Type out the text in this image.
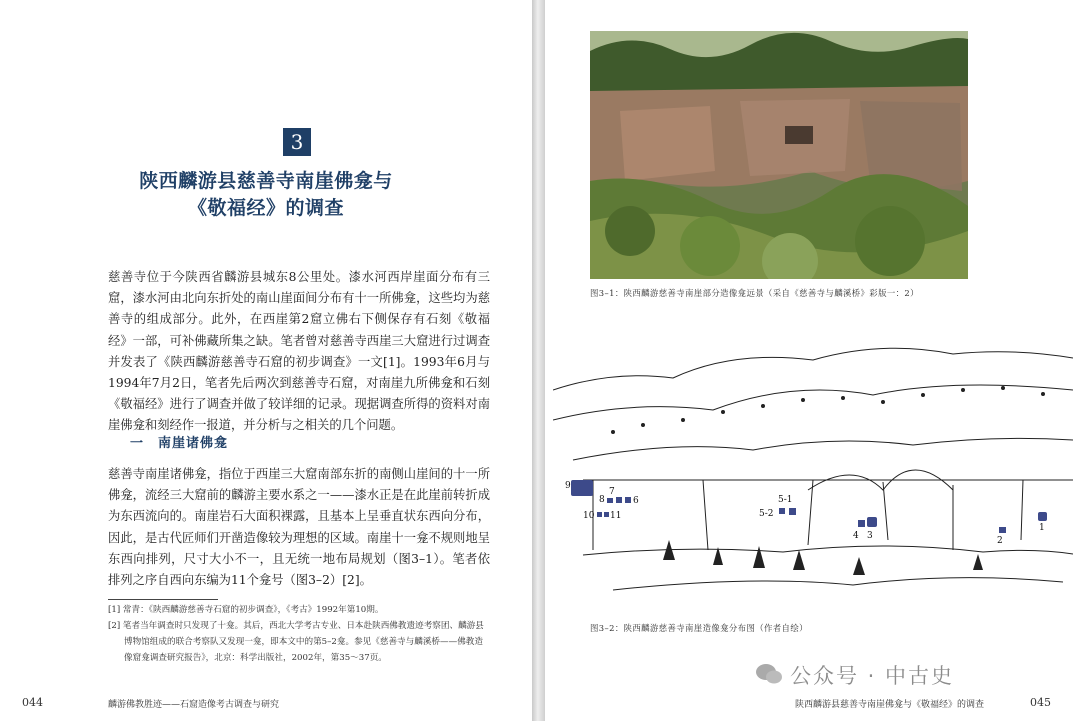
3
陕西麟游县慈善寺南崖佛龛与
《敬福经》的调查

慈善寺位于今陕西省麟游县城东8公里处。漆水河西岸崖面分布有三窟，漆水河由北向东折处的南山崖面间分布有十一所佛龛，这些均为慈善寺的组成部分。此外，在西崖第2窟立佛右下侧保存有石刻《敬福经》一部，可补佛藏所集之缺。笔者曾对慈善寺西崖三大窟进行过调查并发表了《陕西麟游慈善寺石窟的初步调查》一文[1]。1993年6月与1994年7月2日，笔者先后两次到慈善寺石窟，对南崖九所佛龛和石刻《敬福经》进行了调查并做了较详细的记录。现据调查所得的资料对南崖佛龛和刻经作一报道，并分析与之相关的几个问题。

一　南崖诸佛龛

慈善寺南崖诸佛龛，指位于西崖三大窟南部东折的南侧山崖间的十一所佛龛，流经三大窟前的麟游主要水系之一——漆水正是在此崖前转折成为东西流向的。南崖岩石大面积裸露，且基本上呈垂直状东西向分布，因此，是古代匠师们开凿造像较为理想的区域。南崖十一龛不规则地呈东西向排列，尺寸大小不一，且无统一地布局规划（图3–1）。笔者依排列之序自西向东编为11个龛号（图3–2）[2]。

[1] 常青：《陕西麟游慈善寺石窟的初步调查》，《考古》1992年第10期。

[2] 笔者当年调查时只发现了十龛。其后，西北大学考古专业、日本赴陕西佛教遗迹考察团、麟游县博物馆组成的联合考察队又发现一龛，即本文中的第5–2龛。参见《慈善寺与麟溪桥——佛教造像窟龛调查研究报告》，北京：科学出版社，2002年，第35～37页。

044	麟游佛教胜迹——石窟造像考古调查与研究
图3–1：陕西麟游慈善寺南崖部分造像龛远景（采自《慈善寺与麟溪桥》彩版一：2）
9
8
7
6
10 11
5-1
5-2
4 3	2
1
图3–2：陕西麟游慈善寺南崖造像龛分布图（作者自绘）
公众号 · 中古史
陕西麟游县慈善寺南崖佛龛与《敬福经》的调查	045
